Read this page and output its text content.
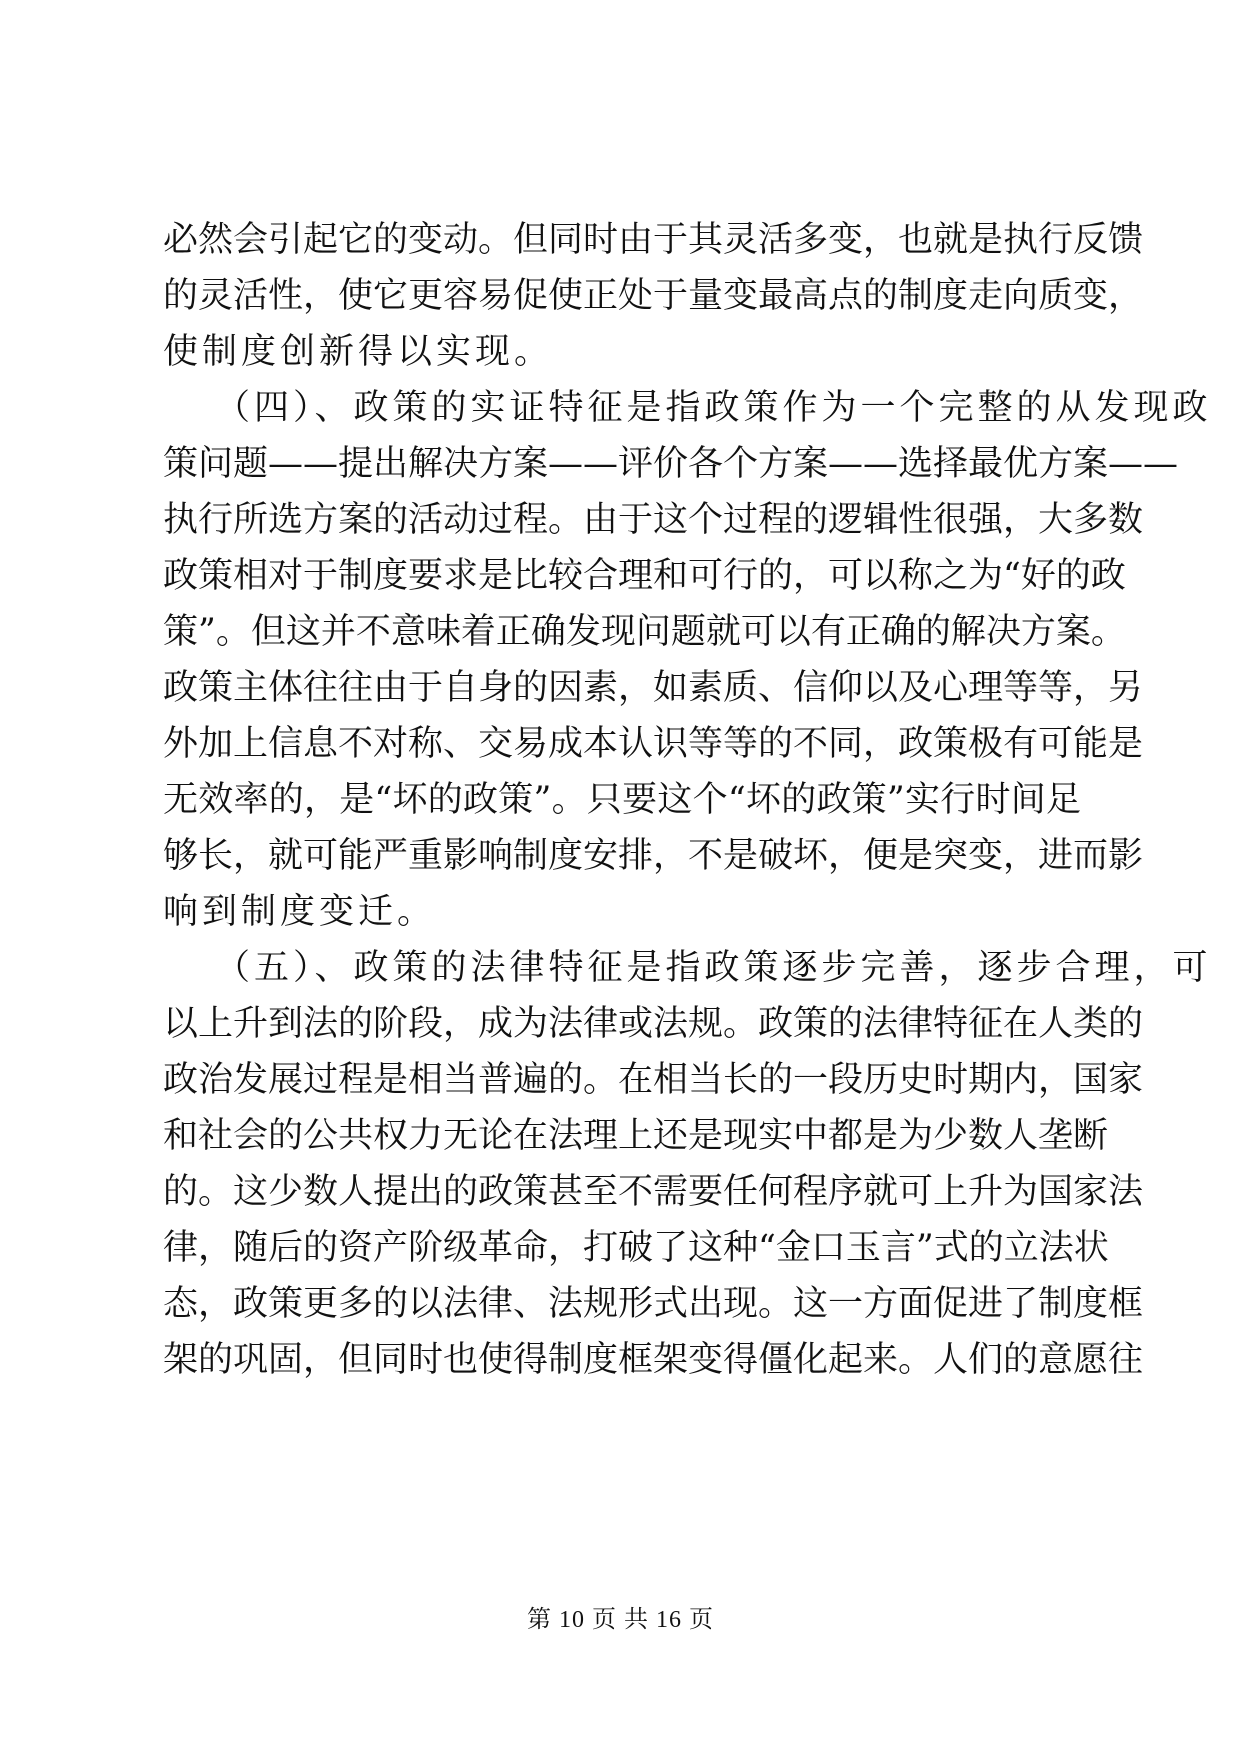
必然会引起它的变动。但同时由于其灵活多变，也就是执行反馈
的灵活性，使它更容易促使正处于量变最高点的制度走向质变，
使制度创新得以实现。
（四）、政策的实证特征是指政策作为一个完整的从发现政
策问题——提出解决方案——评价各个方案——选择最优方案——
执行所选方案的活动过程。由于这个过程的逻辑性很强，大多数
政策相对于制度要求是比较合理和可行的，可以称之为“好的政
策”。但这并不意味着正确发现问题就可以有正确的解决方案。
政策主体往往由于自身的因素，如素质、信仰以及心理等等，另
外加上信息不对称、交易成本认识等等的不同，政策极有可能是
无效率的，是“坏的政策”。只要这个“坏的政策”实行时间足
够长，就可能严重影响制度安排，不是破坏，便是突变，进而影
响到制度变迁。
（五）、政策的法律特征是指政策逐步完善，逐步合理，可
以上升到法的阶段，成为法律或法规。政策的法律特征在人类的
政治发展过程是相当普遍的。在相当长的一段历史时期内，国家
和社会的公共权力无论在法理上还是现实中都是为少数人垄断
的。这少数人提出的政策甚至不需要任何程序就可上升为国家法
律，随后的资产阶级革命，打破了这种“金口玉言”式的立法状
态，政策更多的以法律、法规形式出现。这一方面促进了制度框
架的巩固，但同时也使得制度框架变得僵化起来。人们的意愿往
第 10 页 共 16 页
